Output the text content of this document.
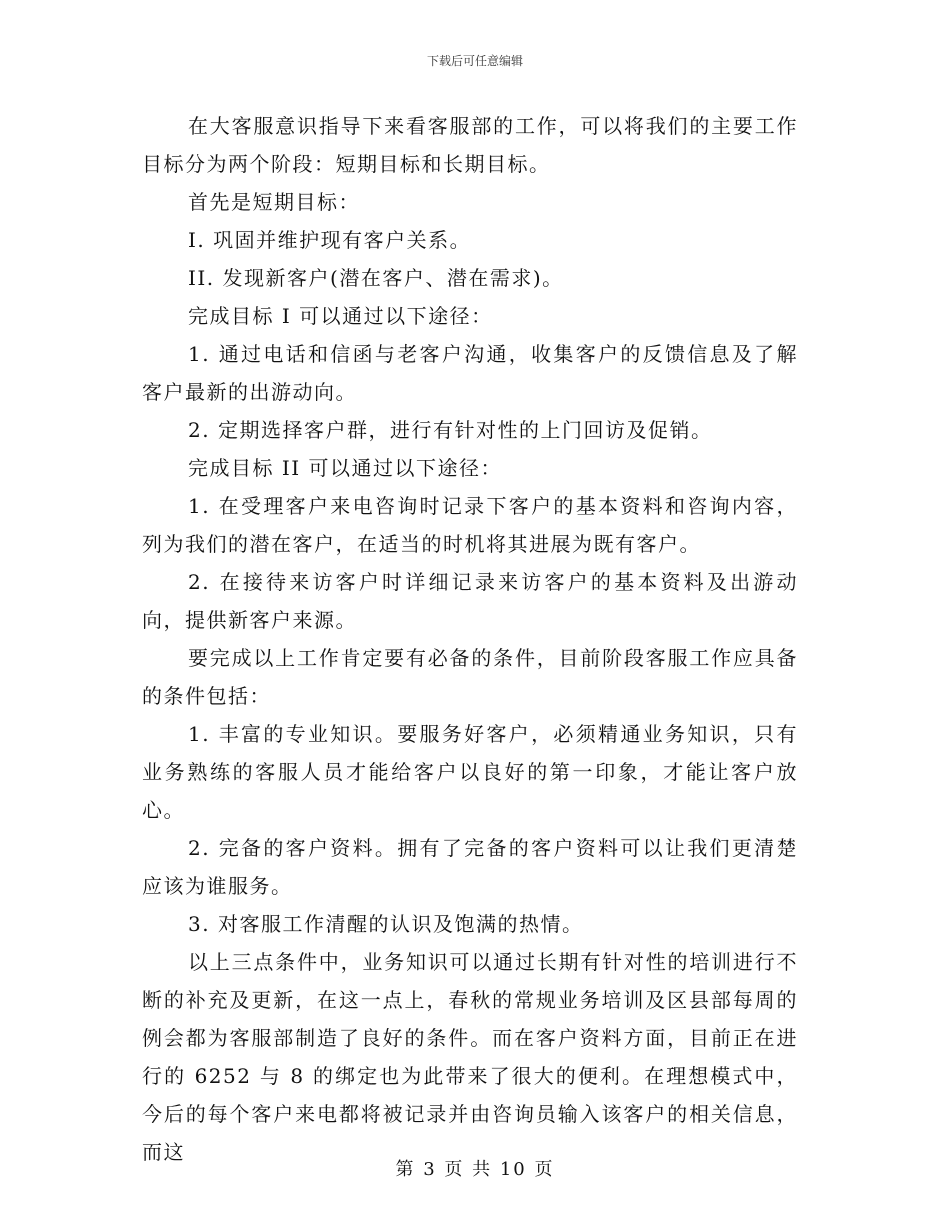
下载后可任意编辑

在大客服意识指导下来看客服部的工作，可以将我们的主要工作目标分为两个阶段：短期目标和长期目标。

首先是短期目标：

I. 巩固并维护现有客户关系。

II. 发现新客户(潜在客户、潜在需求)。

完成目标 I 可以通过以下途径：

1. 通过电话和信函与老客户沟通，收集客户的反馈信息及了解客户最新的出游动向。

2. 定期选择客户群，进行有针对性的上门回访及促销。

完成目标 II 可以通过以下途径：

1. 在受理客户来电咨询时记录下客户的基本资料和咨询内容，列为我们的潜在客户，在适当的时机将其进展为既有客户。

2. 在接待来访客户时详细记录来访客户的基本资料及出游动向，提供新客户来源。

要完成以上工作肯定要有必备的条件，目前阶段客服工作应具备的条件包括：

1. 丰富的专业知识。要服务好客户，必须精通业务知识，只有业务熟练的客服人员才能给客户以良好的第一印象，才能让客户放心。

2. 完备的客户资料。拥有了完备的客户资料可以让我们更清楚应该为谁服务。

3. 对客服工作清醒的认识及饱满的热情。

以上三点条件中，业务知识可以通过长期有针对性的培训进行不断的补充及更新，在这一点上，春秋的常规业务培训及区县部每周的例会都为客服部制造了良好的条件。而在客户资料方面，目前正在进行的 6252 与 8 的绑定也为此带来了很大的便利。在理想模式中，今后的每个客户来电都将被记录并由咨询员输入该客户的相关信息，而这

第 3 页 共 10 页
